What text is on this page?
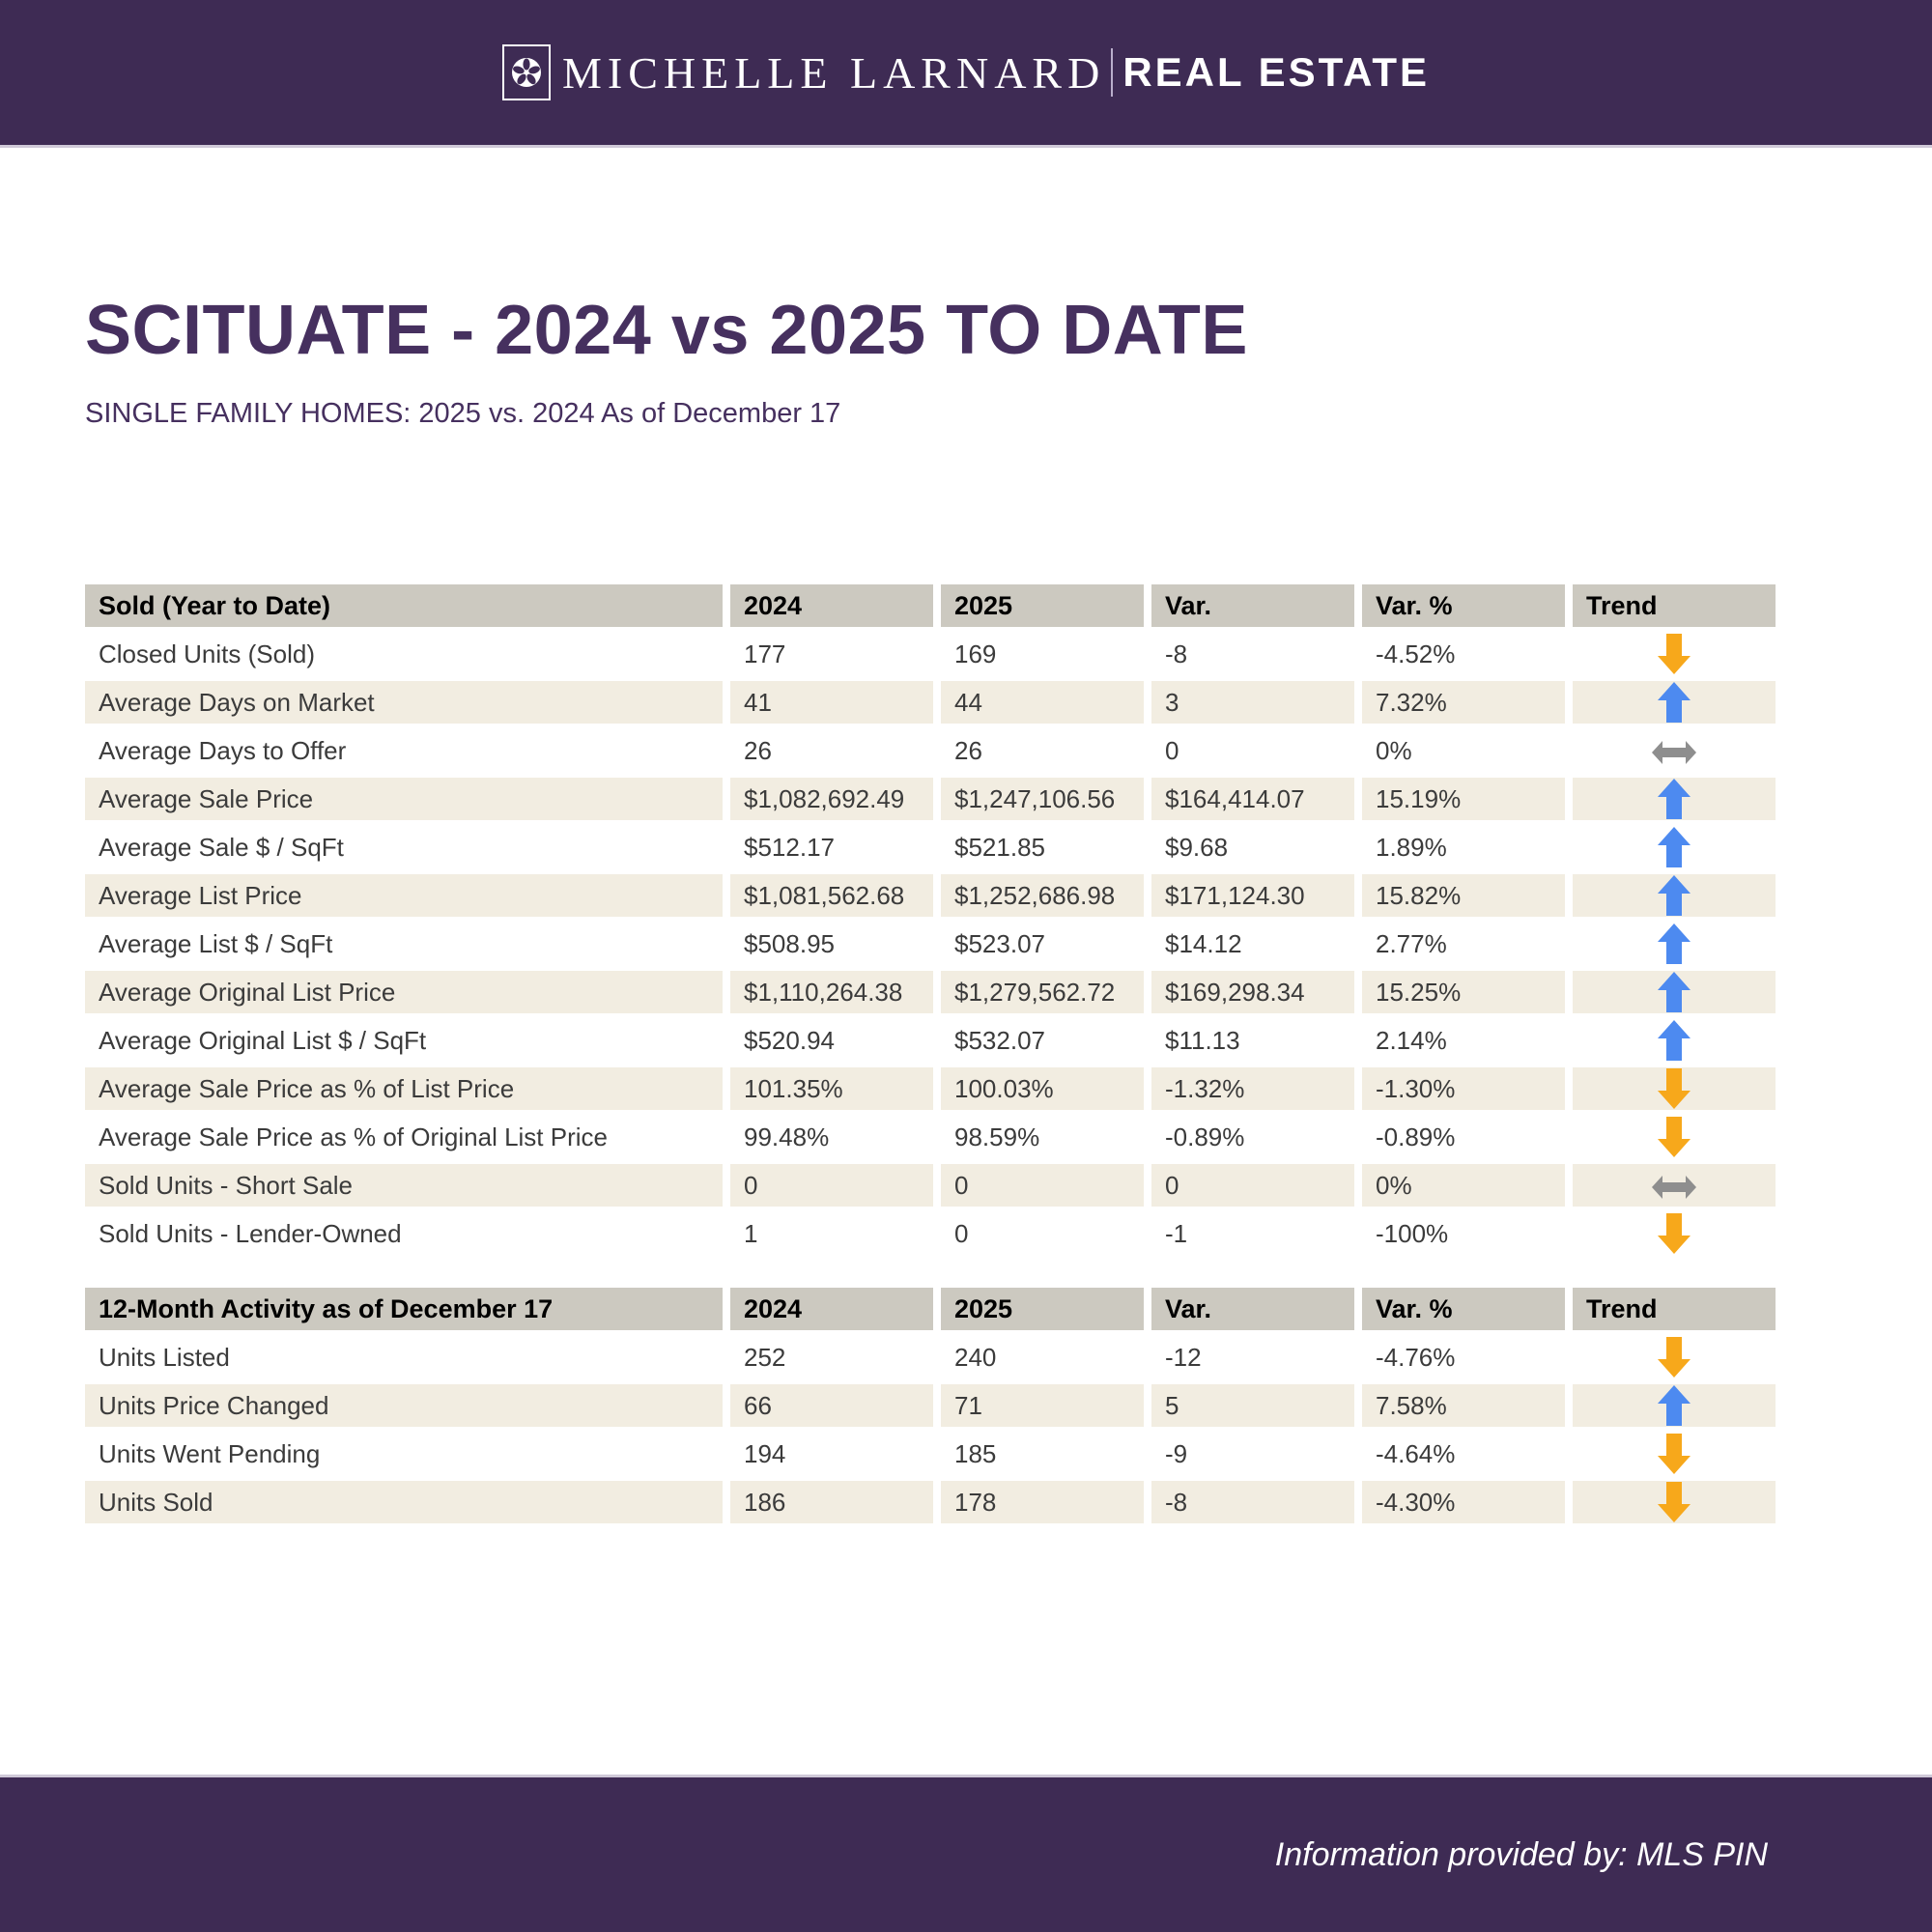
MICHELLE LARNARD REAL ESTATE
SCITUATE - 2024 vs 2025 TO DATE

SINGLE FAMILY HOMES: 2025 vs. 2024 As of December 17

Sold (Year to Date)	2024	2025	Var.	Var. %	Trend
Closed Units (Sold)	177	169	-8	-4.52%	
Average Days on Market	41	44	3	7.32%	
Average Days to Offer	26	26	0	0%	
Average Sale Price	$1,082,692.49	$1,247,106.56	$164,414.07	15.19%	
Average Sale $ / SqFt	$512.17	$521.85	$9.68	1.89%	
Average List Price	$1,081,562.68	$1,252,686.98	$171,124.30	15.82%	
Average List $ / SqFt	$508.95	$523.07	$14.12	2.77%	
Average Original List Price	$1,110,264.38	$1,279,562.72	$169,298.34	15.25%	
Average Original List $ / SqFt	$520.94	$532.07	$11.13	2.14%	
Average Sale Price as % of List Price	101.35%	100.03%	-1.32%	-1.30%	
Average Sale Price as % of Original List Price	99.48%	98.59%	-0.89%	-0.89%	
Sold Units - Short Sale	0	0	0	0%	
Sold Units - Lender-Owned	1	0	-1	-100%	
12-Month Activity as of December 17	2024	2025	Var.	Var. %	Trend
Units Listed	252	240	-12	-4.76%	
Units Price Changed	66	71	5	7.58%	
Units Went Pending	194	185	-9	-4.64%	
Units Sold	186	178	-8	-4.30%	
Information provided by: MLS PIN
